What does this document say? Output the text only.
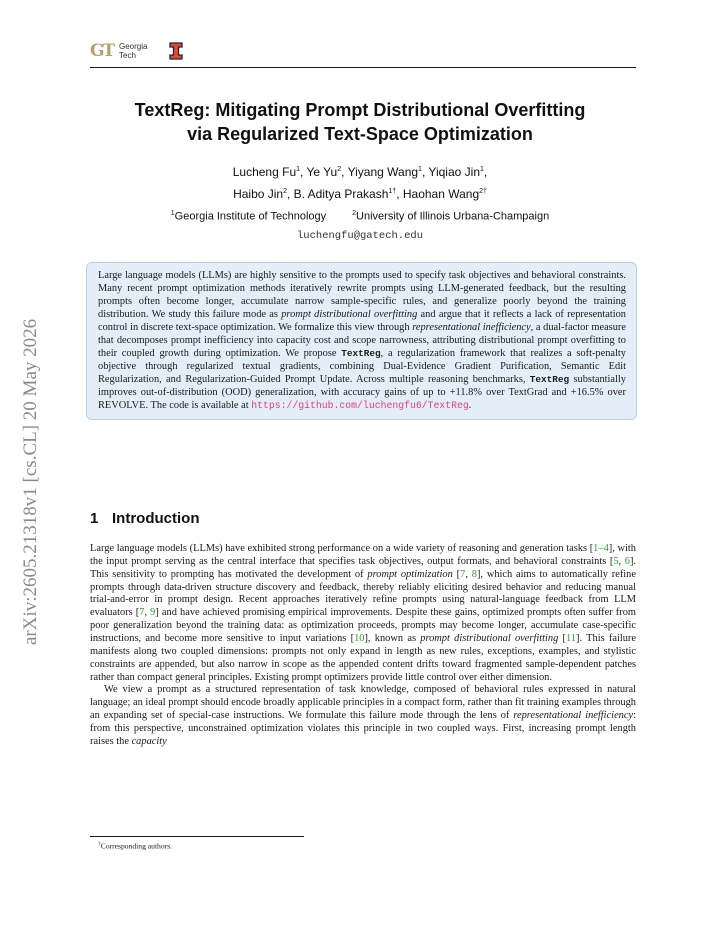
GT Georgia
Tech
TextReg: Mitigating Prompt Distributional Overfitting
via Regularized Text-Space Optimization
Lucheng Fu$^1$, Ye Yu$^2$, Yiyang Wang$^1$, Yiqiao Jin$^1$,
Haibo Jin$^2$, B. Aditya Prakash$^{1\dagger}$, Haohan Wang$^{2\dagger}$
$^1$Georgia Institute of Technology	$^2$University of Illinois Urbana-Champaign
luchengfu@gatech.edu
arXiv:2605.21318v1 [cs.CL] 20 May 2026
Large language models (LLMs) are highly sensitive to the prompts used to specify task objectives and behavioral constraints. Many recent prompt optimization methods iteratively rewrite prompts using LLM-generated feedback, but the resulting prompts often become longer, accumulate narrow sample-specific rules, and generalize poorly beyond the training distribution. We study this failure mode as prompt distributional overfitting and argue that it reflects a lack of representation control in discrete text-space optimization. We formalize this view through representational inefficiency, a dual-factor measure that decomposes prompt inefficiency into capacity cost and scope narrowness, attributing distributional prompt overfitting to their coupled growth during optimization. We propose TextReg, a regularization framework that realizes a soft-penalty objective through regularized textual gradients, combining Dual-Evidence Gradient Purification, Semantic Edit Regularization, and Regularization-Guided Prompt Update. Across multiple reasoning benchmarks, TextReg substantially improves out-of-distribution (OOD) generalization, with accuracy gains of up to +11.8% over TextGrad and +16.5% over REVOLVE. The code is available at https://github.com/luchengfu6/TextReg.
1 Introduction

Large language models (LLMs) have exhibited strong performance on a wide variety of reasoning and generation tasks [1–4], with the input prompt serving as the central interface that specifies task objectives, output formats, and behavioral constraints [5, 6]. This sensitivity to prompting has motivated the development of prompt optimization [7, 8], which aims to automatically refine prompts through data-driven structure discovery and feedback, thereby reliably eliciting desired behavior and reducing manual trial-and-error in prompt design. Recent approaches iteratively refine prompts using natural-language feedback from LLM evaluators [7, 9] and have achieved promising empirical improvements. Despite these gains, optimized prompts often suffer from poor generalization beyond the training data: as optimization proceeds, prompts may become longer, accumulate case-specific instructions, and become more sensitive to input variations [10], known as prompt distributional overfitting [11]. This failure manifests along two coupled dimensions: prompts not only expand in length as new rules, exceptions, examples, and stylistic constraints are appended, but also narrow in scope as the appended content drifts toward fragmented sample-dependent patches rather than compact general principles. Existing prompt optimizers provide little control over either dimension.

We view a prompt as a structured representation of task knowledge, composed of behavioral rules expressed in natural language; an ideal prompt should encode broadly applicable principles in a compact form, rather than fit training examples through an expanding set of special-case instructions. We formulate this failure mode through the lens of representational inefficiency: from this perspective, unconstrained optimization violates this principle in two coupled ways. First, increasing prompt length raises the capacity

†Corresponding authors.
